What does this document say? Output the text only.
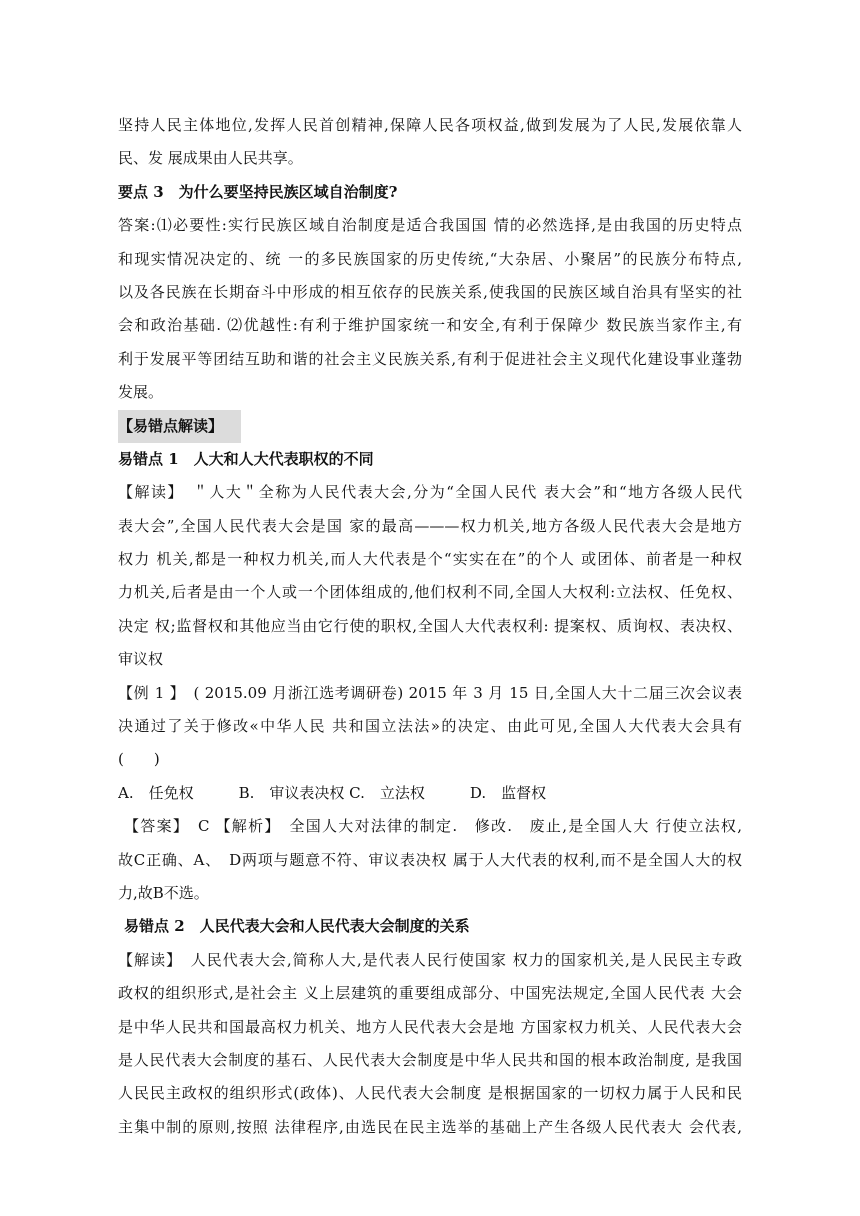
坚持人民主体地位,发挥人民首创精神,保障人民各项权益,做到发展为了人民,发展依靠人
民、发 展成果由人民共享。
要点 3　为什么要坚持民族区域自治制度?
答案:⑴必要性:实行民族区域自治制度是适合我国国 情的必然选择,是由我国的历史特点
和现实情况决定的、统 一的多民族国家的历史传统,“大杂居、小聚居”的民族分布特点,
以及各民族在长期奋斗中形成的相互依存的民族关系,使我国的民族区域自治具有坚实的社
会和政治基础. ⑵优越性:有利于维护国家统一和安全,有利于保障少 数民族当家作主,有
利于发展平等团结互助和谐的社会主义民族关系,有利于促进社会主义现代化建设事业蓬勃
发展。
【易错点解读】
易错点 1　人大和人大代表职权的不同
【解读】　＂人大＂全称为人民代表大会,分为“全国人民代 表大会”和“地方各级人民代
表大会”,全国人民代表大会是国 家的最高———权力机关,地方各级人民代表大会是地方
权力 机关,都是一种权力机关,而人大代表是个“实实在在”的个人 或团体、前者是一种权
力机关,后者是由一个人或一个团体组成的,他们权利不同,全国人大权利:立法权、任免权、
决定 权;监督权和其他应当由它行使的职权,全国人大代表权利: 提案权、质询权、表决权、
审议权
【例 1 】　( 2015.09 月浙江选考调研卷) 2015 年 3 月 15 日,全国人大十二届三次会议表
决通过了关于修改«中华人民 共和国立法法»的决定、由此可见,全国人大代表大会具有
(　　)
A.　任免权　　　B.　审议表决权 C.　立法权　　　D.　监督权
【答案】　C 【解析】　全国人大对法律的制定.　修改.　废止,是全国人大 行使立法权,
故C正确、A、　D两项与题意不符、审议表决权 属于人大代表的权利,而不是全国人大的权
力,故B不选。
易错点 2　人民代表大会和人民代表大会制度的关系
【解读】　人民代表大会,简称人大,是代表人民行使国家 权力的国家机关,是人民民主专政
政权的组织形式,是社会主 义上层建筑的重要组成部分、中国宪法规定,全国人民代表 大会
是中华人民共和国最高权力机关、地方人民代表大会是地 方国家权力机关、人民代表大会
是人民代表大会制度的基石、人民代表大会制度是中华人民共和国的根本政治制度, 是我国
人民民主政权的组织形式(政体)、人民代表大会制度 是根据国家的一切权力属于人民和民
主集中制的原则,按照 法律程序,由选民在民主选举的基础上产生各级人民代表大 会代表,
